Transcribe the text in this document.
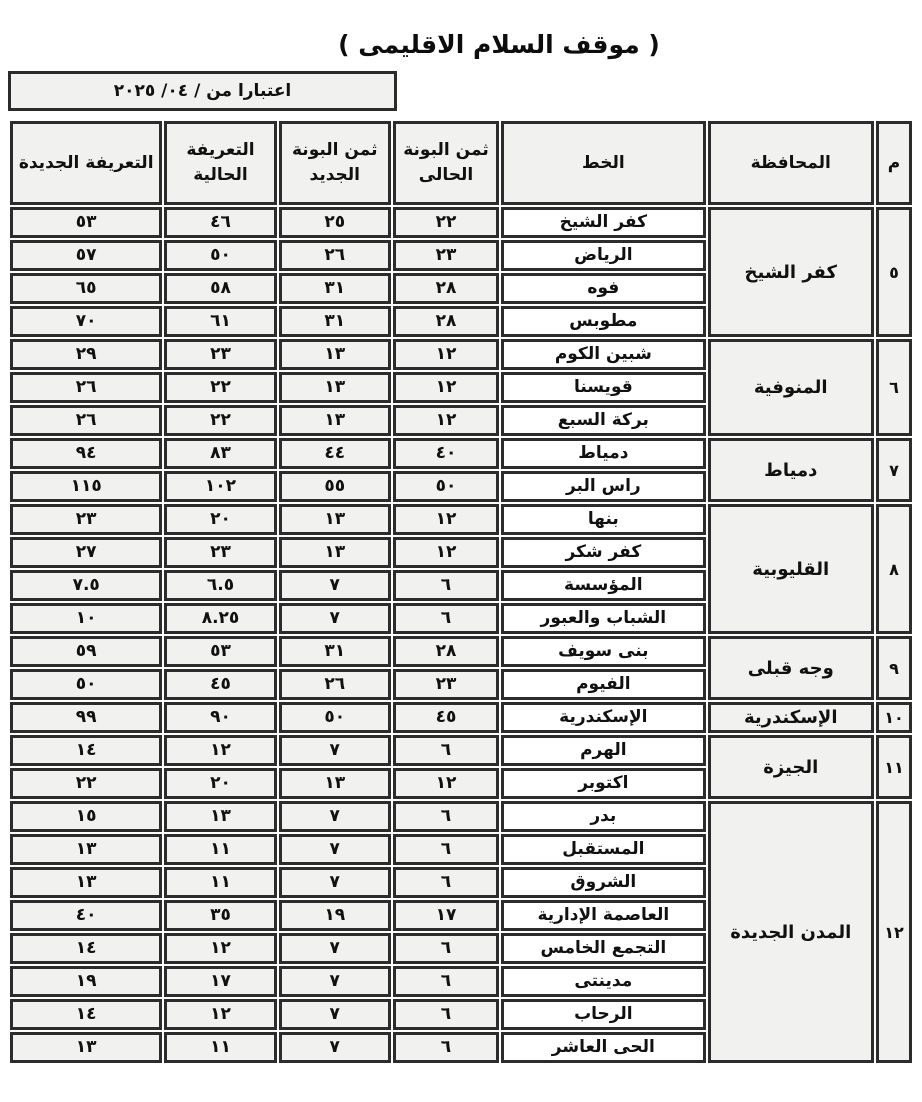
( موقف السلام الاقليمى )
اعتبارا من / ٠٤/ ٢٠٢٥
م	المحافظة	الخط	ثمن البونة الحالى	ثمن البونة الجديد	التعريفة الحالية	التعريفة الجديدة
٥	كفر الشيخ	كفر الشيخ	٢٢	٢٥	٤٦	٥٣
		الرياض	٢٣	٢٦	٥٠	٥٧
		فوه	٢٨	٣١	٥٨	٦٥
		مطوبس	٢٨	٣١	٦١	٧٠
٦	المنوفية	شبين الكوم	١٢	١٣	٢٣	٢٩
		قويسنا	١٢	١٣	٢٢	٢٦
		بركة السبع	١٢	١٣	٢٢	٢٦
٧	دمياط	دمياط	٤٠	٤٤	٨٣	٩٤
		راس البر	٥٠	٥٥	١٠٢	١١٥
٨	القليوبية	بنها	١٢	١٣	٢٠	٢٣
		كفر شكر	١٢	١٣	٢٣	٢٧
		المؤسسة	٦	٧	٦.٥	٧.٥
		الشباب والعبور	٦	٧	٨.٢٥	١٠
٩	وجه قبلى	بنى سويف	٢٨	٣١	٥٣	٥٩
		الفيوم	٢٣	٢٦	٤٥	٥٠
١٠	الإسكندرية	الإسكندرية	٤٥	٥٠	٩٠	٩٩
١١	الجيزة	الهرم	٦	٧	١٢	١٤
		اكتوبر	١٢	١٣	٢٠	٢٢
١٢	المدن الجديدة	بدر	٦	٧	١٣	١٥
		المستقبل	٦	٧	١١	١٣
		الشروق	٦	٧	١١	١٣
		العاصمة الإدارية	١٧	١٩	٣٥	٤٠
		التجمع الخامس	٦	٧	١٢	١٤
		مدينتى	٦	٧	١٧	١٩
		الرحاب	٦	٧	١٢	١٤
		الحى العاشر	٦	٧	١١	١٣
